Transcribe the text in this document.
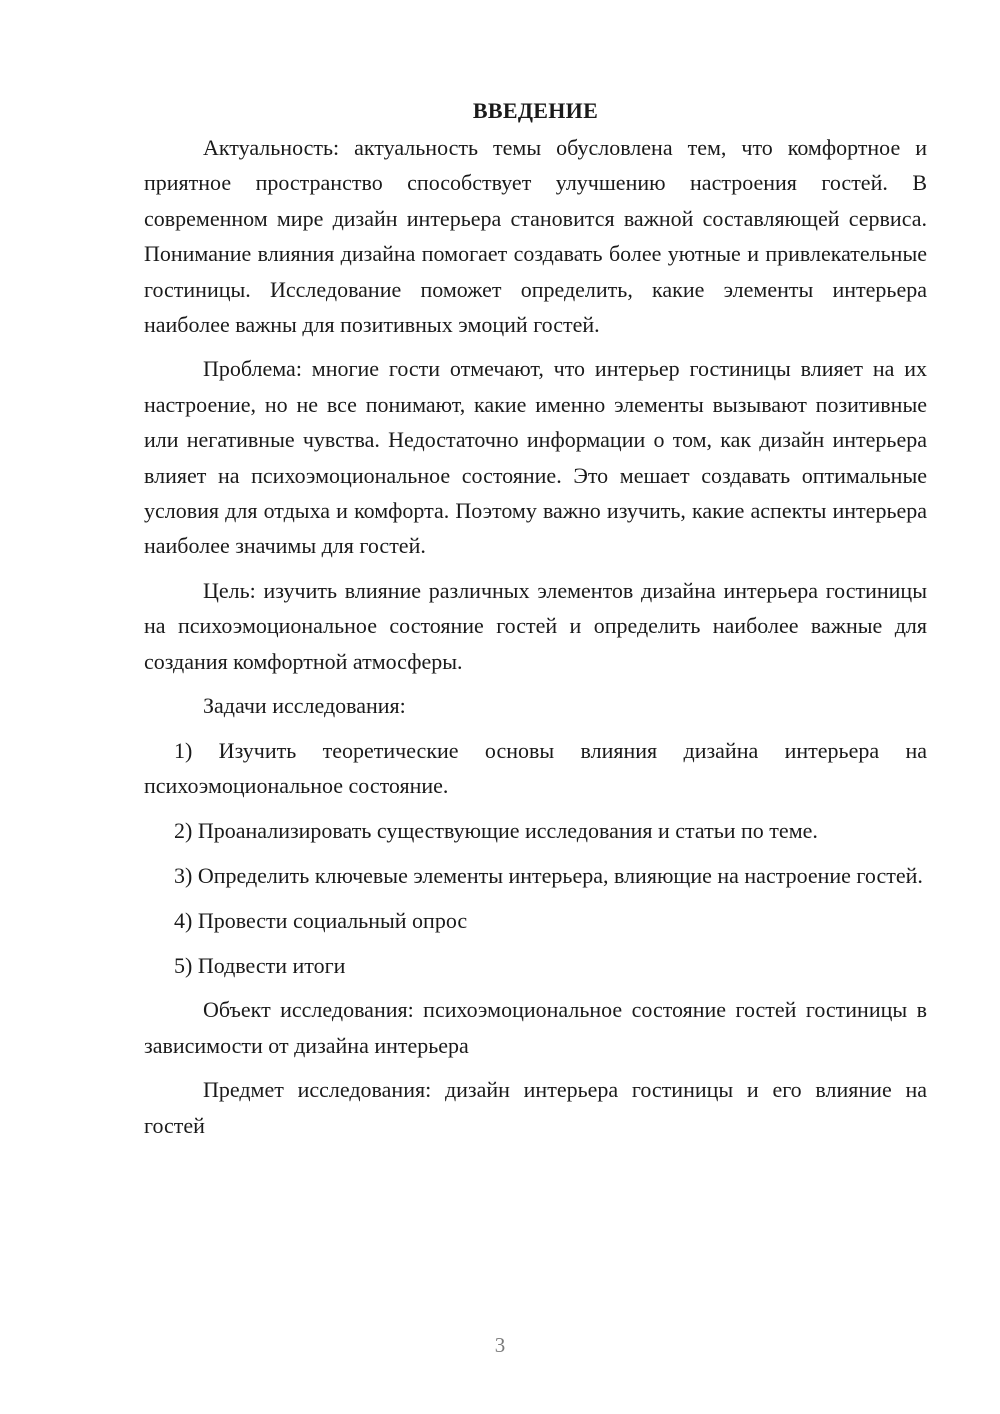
ВВЕДЕНИЕ

Актуальность: актуальность темы обусловлена тем, что комфортное и приятное пространство способствует улучшению настроения гостей. В современном мире дизайн интерьера становится важной составляющей сервиса. Понимание влияния дизайна помогает создавать более уютные и привлекательные гостиницы. Исследование поможет определить, какие элементы интерьера наиболее важны для позитивных эмоций гостей.

Проблема: многие гости отмечают, что интерьер гостиницы влияет на их настроение, но не все понимают, какие именно элементы вызывают позитивные или негативные чувства. Недостаточно информации о том, как дизайн интерьера влияет на психоэмоциональное состояние. Это мешает создавать оптимальные условия для отдыха и комфорта. Поэтому важно изучить, какие аспекты интерьера наиболее значимы для гостей.

Цель: изучить влияние различных элементов дизайна интерьера гостиницы на психоэмоциональное состояние гостей и определить наиболее важные для создания комфортной атмосферы.

Задачи исследования:

1) Изучить теоретические основы влияния дизайна интерьера на психоэмоциональное состояние.

2) Проанализировать существующие исследования и статьи по теме.

3) Определить ключевые элементы интерьера, влияющие на настроение гостей.

4) Провести социальный опрос

5) Подвести итоги

Объект исследования: психоэмоциональное состояние гостей гостиницы в зависимости от дизайна интерьера

Предмет исследования: дизайн интерьера гостиницы и его влияние на гостей

3
